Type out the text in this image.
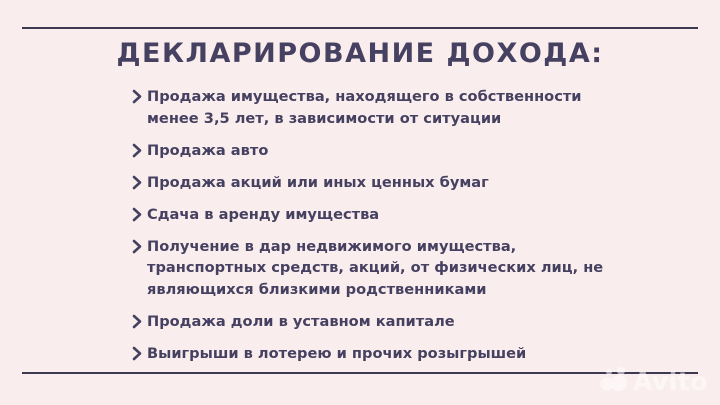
ДЕКЛАРИРОВАНИЕ ДОХОДА:
Продажа имущества, находящего в собственности
менее 3,5 лет, в зависимости от ситуации
Продажа авто
Продажа акций или иных ценных бумаг
Сдача в аренду имущества
Получение в дар недвижимого имущества,
транспортных средств, акций, от физических лиц, не
являющихся близкими родственниками
Продажа доли в уставном капитале
Выигрыши в лотерею и прочих розыгрышей
Avito
